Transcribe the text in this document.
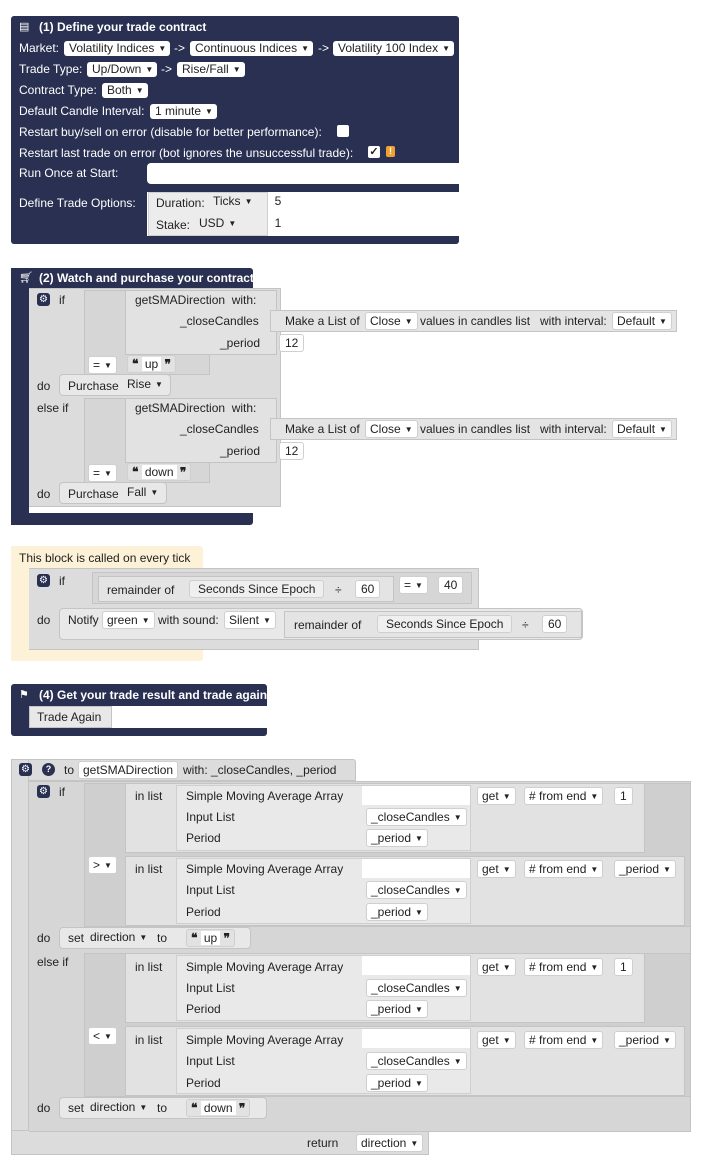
▤ (1) Define your trade contract
Market: Volatility Indices ▼ -> Continuous Indices ▼ -> Volatility 100 Index ▼
Trade Type: Up/Down ▼ -> Rise/Fall ▼
Contract Type: Both ▼
Default Candle Interval: 1 minute ▼
Restart buy/sell on error (disable for better performance):
Restart last trade on error (bot ignores the unsuccessful trade): ✓	!
Run Once at Start:
Define Trade Options: Duration: Ticks ▼	5
Stake: USD ▼	1
🛒︎ (2) Watch and purchase your contract
⚙ if	getSMADirection with:
_closeCandles Make a List of Close ▼ values in candles list with interval: Default ▼
_period	12
= ▼	❝ up ❞
do Purchase Rise ▼
else if	getSMADirection with:
_closeCandles Make a List of Close ▼ values in candles list with interval: Default ▼
_period	12
= ▼	❝ down ❞
do Purchase Fall ▼
This block is called on every tick
⚙ if
remainder of	Seconds Since Epoch	÷	60	= ▼	40
do Notify green ▼ with sound: Silent ▼	remainder of	Seconds Since Epoch	÷	60
⚑ (4) Get your trade result and trade again
Trade Again
⚙	?	to getSMADirection with: _closeCandles, _period
⚙ if	in list Simple Moving Average Array
Input List	_closeCandles ▼
Period	_period ▼
get ▼	# from end ▼	1
> ▼	in list Simple Moving Average Array
Input List	_closeCandles ▼
Period	_period ▼
get ▼	# from end ▼	_period ▼
do set direction ▼ to	❝ up ❞
else if	in list Simple Moving Average Array
Input List	_closeCandles ▼
Period	_period ▼
get ▼	# from end ▼	1
< ▼	in list Simple Moving Average Array
Input List	_closeCandles ▼
Period	_period ▼
get ▼	# from end ▼	_period ▼
do set direction ▼ to	❝ down ❞
return	direction ▼
